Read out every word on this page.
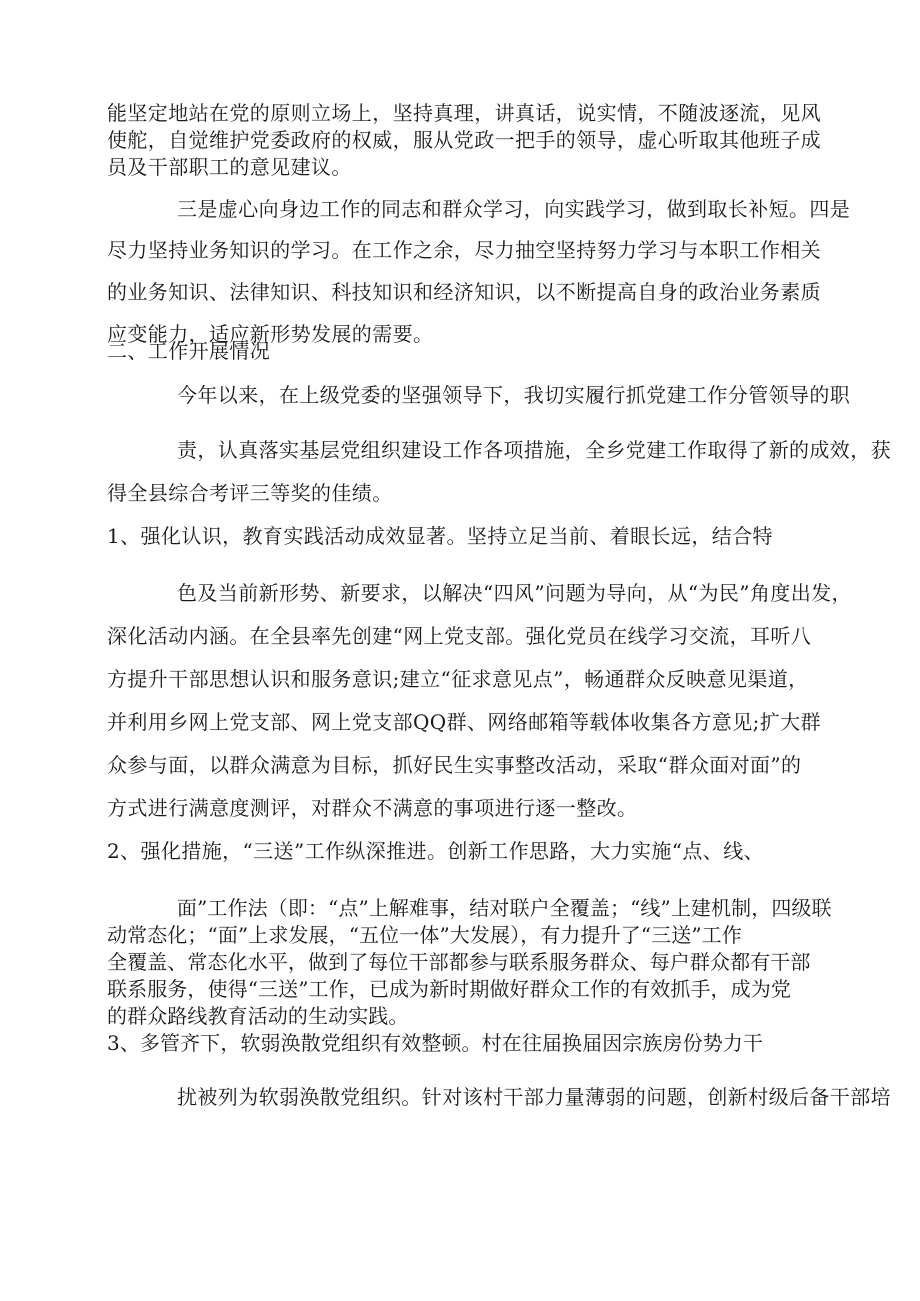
能坚定地站在党的原则立场上，坚持真理，讲真话，说实情，不随波逐流，见风
使舵，自觉维护党委政府的权威，服从党政一把手的领导，虚心听取其他班子成
员及干部职工的意见建议。
三是虚心向身边工作的同志和群众学习，向实践学习，做到取长补短。四是
尽力坚持业务知识的学习。在工作之余，尽力抽空坚持努力学习与本职工作相关
的业务知识、法律知识、科技知识和经济知识，以不断提高自身的政治业务素质
应变能力，适应新形势发展的需要。
二、工作开展情况
今年以来，在上级党委的坚强领导下，我切实履行抓党建工作分管领导的职
责，认真落实基层党组织建设工作各项措施，全乡党建工作取得了新的成效，获
得全县综合考评三等奖的佳绩。
1、强化认识，教育实践活动成效显著。坚持立足当前、着眼长远，结合特
色及当前新形势、新要求，以解决“四风”问题为导向，从“为民”角度出发，
深化活动内涵。在全县率先创建“网上党支部。强化党员在线学习交流，耳听八
方提升干部思想认识和服务意识;建立“征求意见点”，畅通群众反映意见渠道，
并利用乡网上党支部、网上党支部QQ群、网络邮箱等载体收集各方意见;扩大群
众参与面，以群众满意为目标，抓好民生实事整改活动，采取“群众面对面”的
方式进行满意度测评，对群众不满意的事项进行逐一整改。
2、强化措施，“三送”工作纵深推进。创新工作思路，大力实施“点、线、
面”工作法（即：“点”上解难事，结对联户全覆盖；“线”上建机制，四级联
动常态化；“面”上求发展，“五位一体”大发展），有力提升了“三送”工作
全覆盖、常态化水平，做到了每位干部都参与联系服务群众、每户群众都有干部
联系服务，使得“三送”工作，已成为新时期做好群众工作的有效抓手，成为党
的群众路线教育活动的生动实践。
3、多管齐下，软弱涣散党组织有效整顿。村在往届换届因宗族房份势力干
扰被列为软弱涣散党组织。针对该村干部力量薄弱的问题，创新村级后备干部培
